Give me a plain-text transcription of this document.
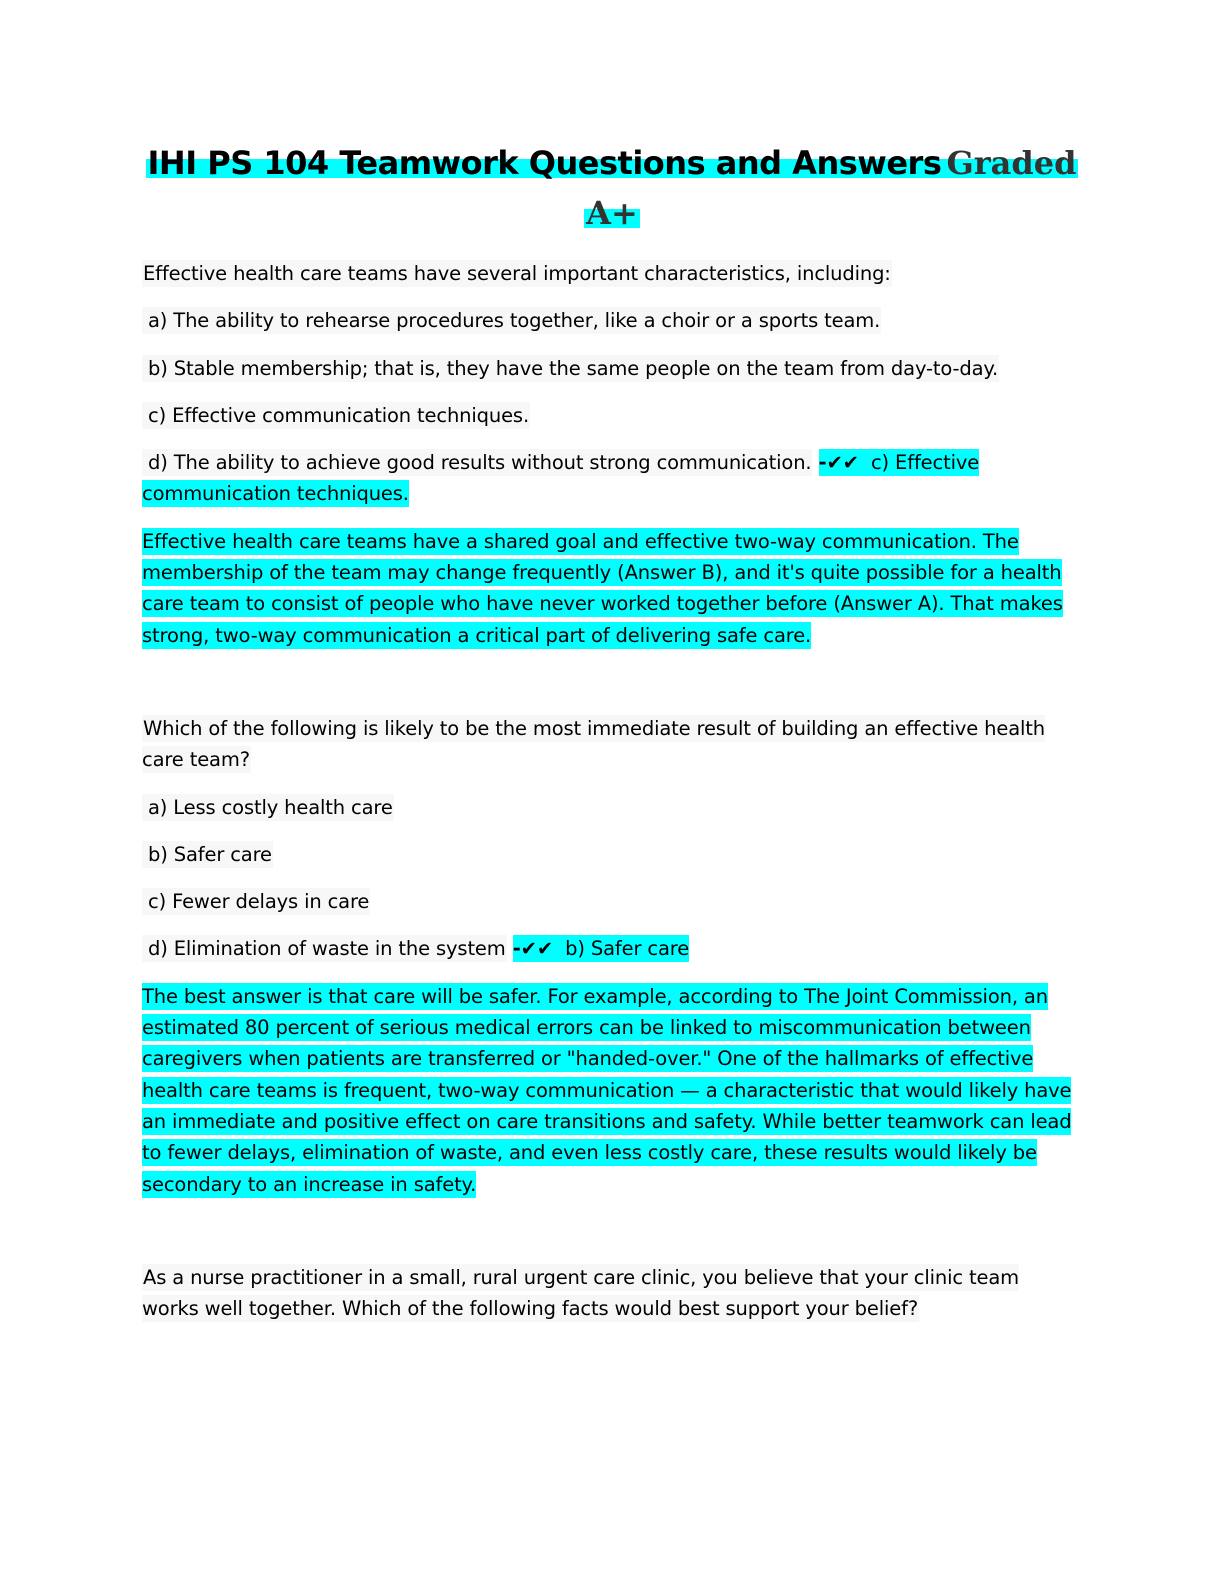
IHI PS 104 Teamwork Questions and Answers Graded
A+

Effective health care teams have several important characteristics, including:

a) The ability to rehearse procedures together, like a choir or a sports team.

b) Stable membership; that is, they have the same people on the team from day-to-day.

c) Effective communication techniques.

d) The ability to achieve good results without strong communication. -✔✔ c) Effective communication techniques.

Effective health care teams have a shared goal and effective two-way communication. The membership of the team may change frequently (Answer B), and it's quite possible for a health care team to consist of people who have never worked together before (Answer A). That makes strong, two-way communication a critical part of delivering safe care.

Which of the following is likely to be the most immediate result of building an effective health care team?

a) Less costly health care

b) Safer care

c) Fewer delays in care

d) Elimination of waste in the system -✔✔ b) Safer care

The best answer is that care will be safer. For example, according to The Joint Commission, an estimated 80 percent of serious medical errors can be linked to miscommunication between caregivers when patients are transferred or "handed-over." One of the hallmarks of effective health care teams is frequent, two-way communication — a characteristic that would likely have an immediate and positive effect on care transitions and safety. While better teamwork can lead to fewer delays, elimination of waste, and even less costly care, these results would likely be secondary to an increase in safety.

As a nurse practitioner in a small, rural urgent care clinic, you believe that your clinic team works well together. Which of the following facts would best support your belief?
